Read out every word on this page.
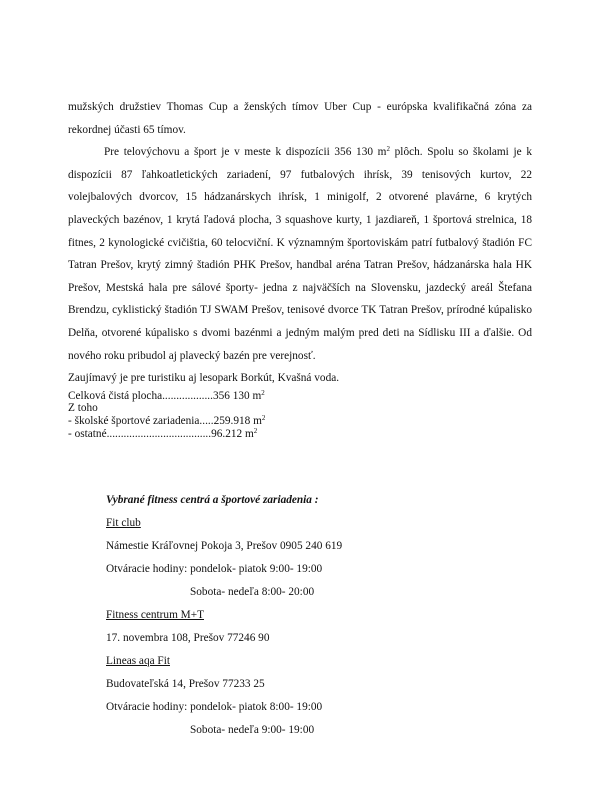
mužských družstiev Thomas Cup a ženských tímov Uber Cup - európska kvalifikačná zóna za rekordnej účasti 65 tímov.

Pre telovýchovu a šport je v meste k dispozícii 356 130 $m^2$ plôch. Spolu so školami je k dispozícii 87 ľahkoatletických zariadení, 97 futbalových ihrísk, 39 tenisových kurtov, 22 volejbalových dvorcov, 15 hádzanárskych ihrísk, 1 minigolf, 2 otvorené plavárne, 6 krytých plaveckých bazénov, 1 krytá ľadová plocha, 3 squashove kurty, 1 jazdiareň, 1 športová strelnica, 18 fitnes, 2 kynologické cvičištia, 60 telocviční. K významným športoviskám patrí futbalový štadión FC Tatran Prešov, krytý zimný štadión PHK Prešov, handbal aréna Tatran Prešov, hádzanárska hala HK Prešov, Mestská hala pre sálové športy- jedna z najväčších na Slovensku, jazdecký areál Štefana Brendzu, cyklistický štadión TJ SWAM Prešov, tenisové dvorce TK Tatran Prešov, prírodné kúpalisko Delňa, otvorené kúpalisko s dvomi bazénmi a jedným malým pred deti na Sídlisku III a ďalšie. Od nového roku pribudol aj plavecký bazén pre verejnosť.

Zaujímavý je pre turistiku aj lesopark Borkút, Kvašná voda.

Celková čistá plocha..................356 130 $m^2$

Z toho

- školské športové zariadenia.....259.918 $m^2$

- ostatné.....................................96.212 $m^2$

Vybrané fitness centrá a športové zariadenia :

Fit club

Námestie Kráľovnej Pokoja 3, Prešov 0905 240 619

Otváracie hodiny: pondelok- piatok 9:00- 19:00

Sobota- nedeľa 8:00- 20:00

Fitness centrum M+T

17. novembra 108, Prešov 77246 90

Lineas aqa Fit

Budovateľská 14, Prešov 77233 25

Otváracie hodiny: pondelok- piatok 8:00- 19:00

Sobota- nedeľa 9:00- 19:00
